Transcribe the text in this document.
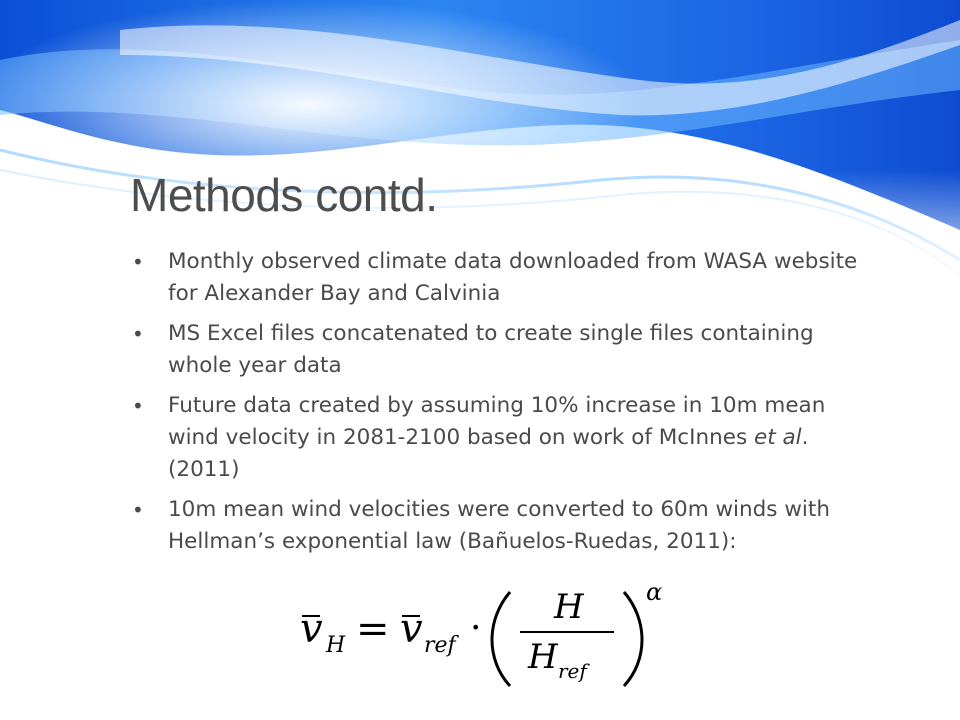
Methods contd.
• Monthly observed climate data downloaded from WASA website for Alexander Bay and Calvinia
• MS Excel files concatenated to create single files containing whole year data
• Future data created by assuming 10% increase in 10m mean wind velocity in 2081-2100 based on work of McInnes et al. (2011)
• 10m mean wind velocities were converted to 60m winds with Hellman’s exponential law (Bañuelos-Ruedas, 2011):
v H = v ref ·
H
H ref
α
